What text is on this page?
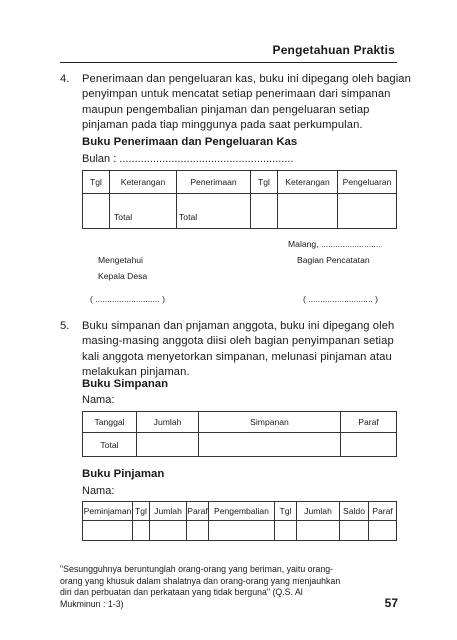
Pengetahuan Praktis
4. Penerimaan dan pengeluaran kas, buku ini dipegang oleh bagian
penyimpan untuk mencatat setiap penerimaan dari simpanan
maupun pengembalian pinjaman dan pengeluaran setiap
pinjaman pada tiap minggunya pada saat perkumpulan.
Buku Penerimaan dan Pengeluaran Kas
Bulan : .........................................................
Tgl	Keterangan	Penerimaan	Tgl	Keterangan	Pengeluaran
	Total	Total			
Malang, .........................
Mengetahui	Bagian Pencatatan
Kepala Desa
( ........................... )	( ........................... )
5. Buku simpanan dan pnjaman anggota, buku ini dipegang oleh
masing-masing anggota diisi oleh bagian penyimpanan setiap
kali anggota menyetorkan simpanan, melunasi pinjaman atau
melakukan pinjaman.
Buku Simpanan
Nama:
Tanggal	Jumlah	Simpanan	Paraf
Total			
Buku Pinjaman
Nama:
Peminjaman	Tgl	Jumlah	Paraf	Pengembalian	Tgl	Jumlah	Saldo	Paraf

"Sesungguhnya beruntunglah orang-orang yang beriman, yaitu orang-
orang yang khusuk dalam shalatnya dan orang-orang yang menjauhkan
diri dan perbuatan dan perkataan yang tidak berguna" (Q.S. Al
Mukminun : 1-3)	57
